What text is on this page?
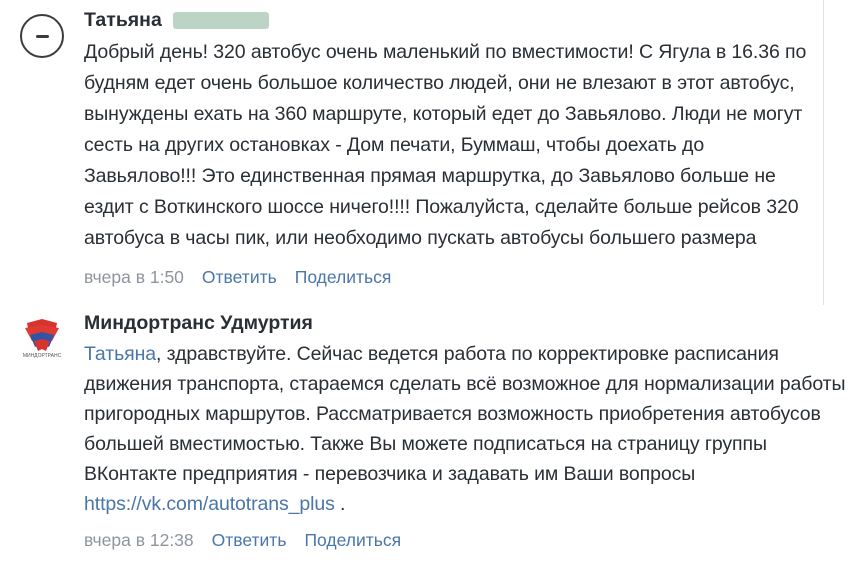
Татьяна
Добрый день! 320 автобус очень маленький по вместимости! С Ягула в 16.36 по будням едет очень большое количество людей, они не влезают в этот автобус, вынуждены ехать на 360 маршруте, который едет до Завьялово. Люди не могут сесть на других остановках - Дом печати, Буммаш, чтобы доехать до Завьялово!!! Это единственная прямая маршрутка, до Завьялово больше не ездит с Воткинского шоссе ничего!!!! Пожалуйста, сделайте больше рейсов 320 автобуса в часы пик, или необходимо пускать автобусы большего размера
вчера в 1:50 Ответить Поделиться
МИНДОРТРАНС
Миндортранс Удмуртия
Татьяна, здравствуйте. Сейчас ведется работа по корректировке расписания движения транспорта, стараемся сделать всё возможное для нормализации работы пригородных маршрутов. Рассматривается возможность приобретения автобусов большей вместимостью. Также Вы можете подписаться на страницу группы ВКонтакте предприятия - перевозчика и задавать им Ваши вопросы https://vk.com/autotrans_plus .
вчера в 12:38 Ответить Поделиться
